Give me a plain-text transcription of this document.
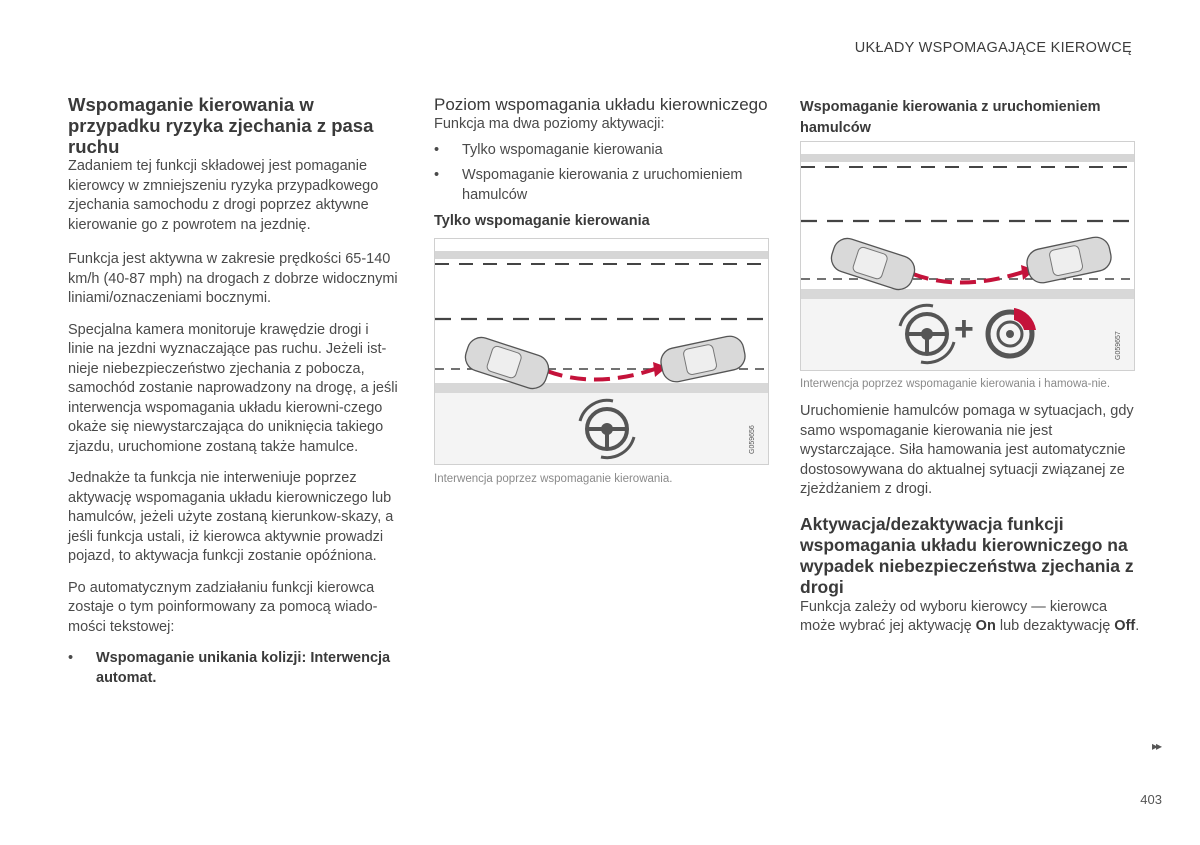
UKŁADY WSPOMAGAJĄCE KIEROWCĘ
Wspomaganie kierowania w przypadku ryzyka zjechania z pasa ruchu

Zadaniem tej funkcji składowej jest pomaganie kierowcy w zmniejszeniu ryzyka przypadkowego zjechania samochodu z drogi poprzez aktywne kierowanie go z powrotem na jezdnię.

Funkcja jest aktywna w zakresie prędkości 65-140 km/h (40-87 mph) na drogach z dobrze widocznymi liniami/oznaczeniami bocznymi.

Specjalna kamera monitoruje krawędzie drogi i linie na jezdni wyznaczające pas ruchu. Jeżeli ist-nieje niebezpieczeństwo zjechania z pobocza, samochód zostanie naprowadzony na drogę, a jeśli interwencja wspomagania układu kierowni-czego okaże się niewystarczająca do uniknięcia takiego zjazdu, uruchomione zostaną także hamulce.

Jednakże ta funkcja nie interweniuje poprzez aktywację wspomagania układu kierowniczego lub hamulców, jeżeli użyte zostaną kierunkow-skazy, a jeśli funkcja ustali, iż kierowca aktywnie prowadzi pojazd, to aktywacja funkcji zostanie opóźniona.

Po automatycznym zadziałaniu funkcji kierowca zostaje o tym poinformowany za pomocą wiado-mości tekstowej:

• Wspomaganie unikania kolizji: Interwencja automat.
Poziom wspomagania układu kierowniczego

Funkcja ma dwa poziomy aktywacji:

• Tylko wspomaganie kierowania
• Wspomaganie kierowania z uruchomieniem hamulców
Tylko wspomaganie kierowania
G059656
Interwencja poprzez wspomaganie kierowania.
Wspomaganie kierowania z uruchomieniem hamulców
+	G059657
Interwencja poprzez wspomaganie kierowania i hamowa-nie.

Uruchomienie hamulców pomaga w sytuacjach, gdy samo wspomaganie kierowania nie jest wystarczające. Siła hamowania jest automatycznie dostosowywana do aktualnej sytuacji związanej ze zjeżdżaniem z drogi.

Aktywacja/dezaktywacja funkcji wspomagania układu kierowniczego na wypadek niebezpieczeństwa zjechania z drogi

Funkcja zależy od wyboru kierowcy — kierowca może wybrać jej aktywację On lub dezaktywację Off.

▸▸
403
